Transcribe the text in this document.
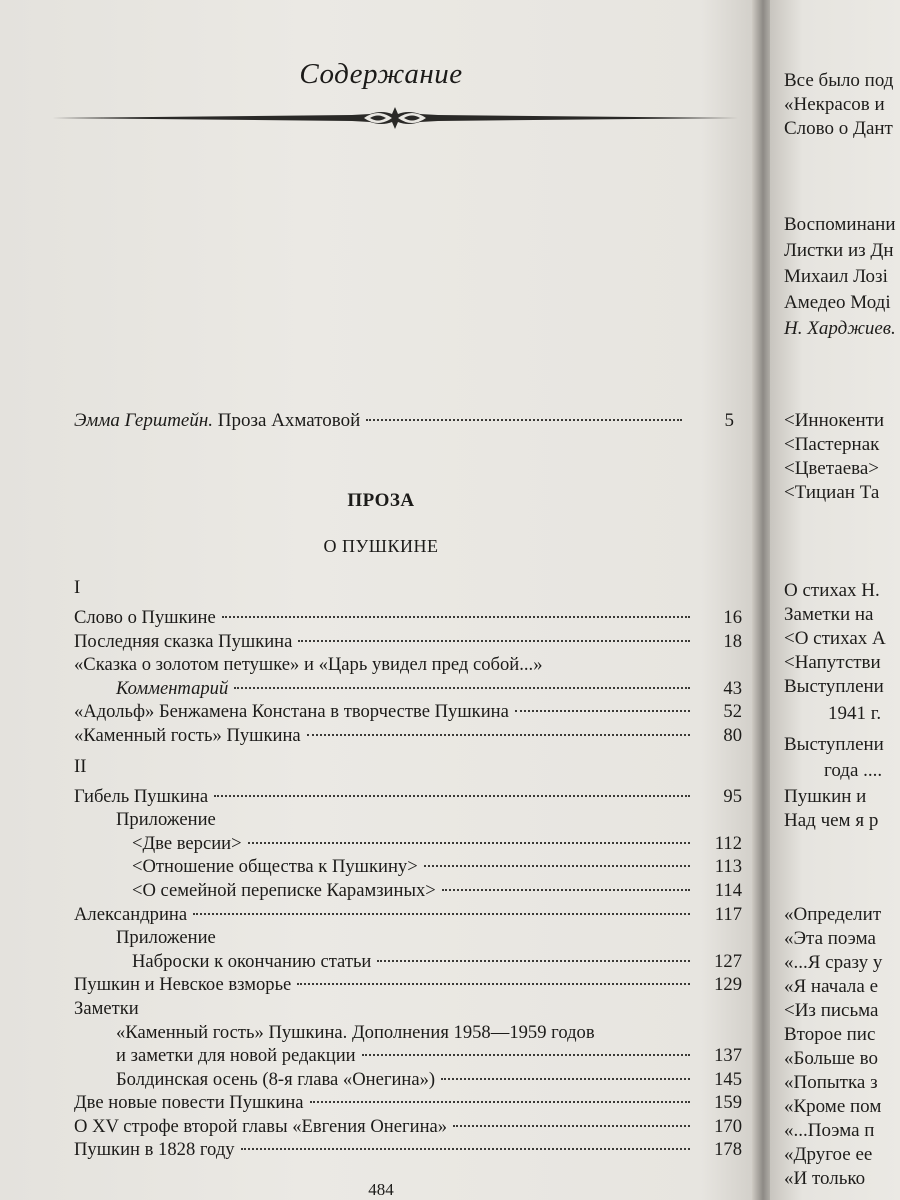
Содержание
Эмма Герштейн.
Проза Ахматовой	5
ПРОЗА
О ПУШКИНЕ
I
Слово о Пушкине	16
Последняя сказка Пушкина	18
«Сказка о золотом петушке» и «Царь увидел пред собой...»
Комментарий	43
«Адольф» Бенжамена Констана в творчестве Пушкина	52
«Каменный гость» Пушкина	80
II
Гибель Пушкина	95
Приложение
<Две версии>	112
<Отношение общества к Пушкину>	113
<О семейной переписке Карамзиных>	114
Александрина	117
Приложение
Наброски к окончанию статьи	127
Пушкин и Невское взморье	129
Заметки
«Каменный гость» Пушкина. Дополнения 1958—1959 годов
и заметки для новой редакции	137
Болдинская осень (8-я глава «Онегина»)	145
Две новые повести Пушкина	159
О XV строфе второй главы «Евгения Онегина»	170
Пушкин в 1828 году	178
484
Все было под
«Некрасов и
Слово о Дант
Воспоминани
Листки из Дн
Михаил Лозі
Амедео Моді
Н. Харджиев.
<Иннокенти
<Пастернак
<Цветаева>
<Тициан Та
О стихах Н.
Заметки на
<О стихах А
<Напутстви
Выступлени
1941 г.
Выступлени
года ....
Пушкин и
Над чем я р
«Определит
«Эта поэма
«...Я сразу у
«Я начала е
<Из письма
Второе пис
«Больше во
«Попытка з
«Кроме пом
«...Поэма п
«Другое ее
«И только
